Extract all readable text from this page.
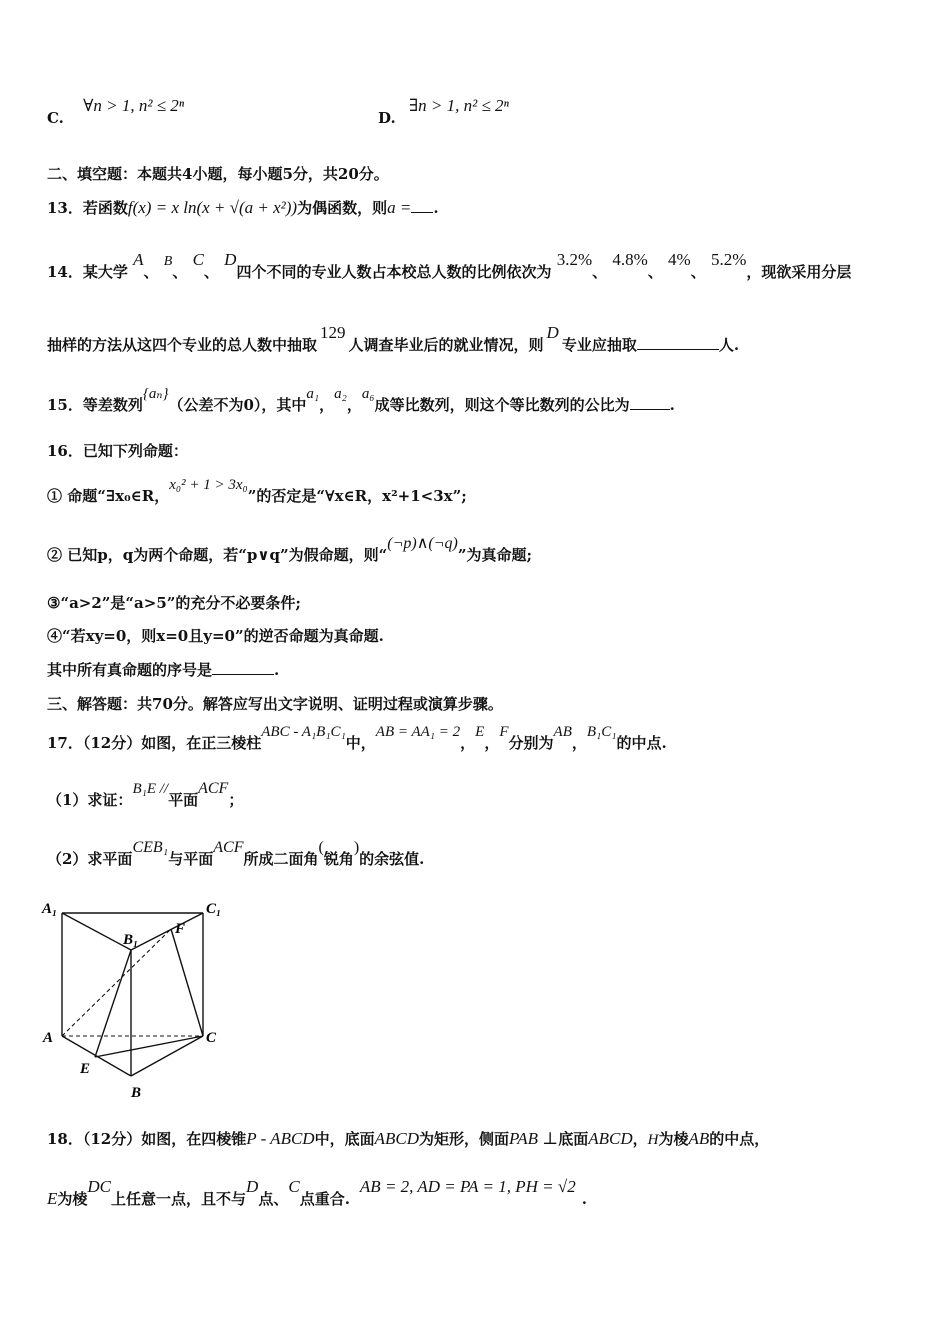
C. ∀n > 1, n² ≤ 2ⁿ
D. ∃n > 1, n² ≤ 2ⁿ
二、填空题：本题共4小题，每小题5分，共20分。
13．若函数f(x) = x ln(x + √(a + x²))为偶函数，则a = .
14．某大学 A、 B、 C、 D四个不同的专业人数占本校总人数的比例依次为 3.2%、 4.8%、 4%、 5.2%，现欲采用分层
抽样的方法从这四个专业的总人数中抽取129人调查毕业后的就业情况，则D专业应抽取	人.
15．等差数列{aₙ}（公差不为0），其中a₁，a₂，a₆成等比数列，则这个等比数列的公比为	.
16．已知下列命题：
① 命题“∃x₀∈R，x₀² + 1 > 3x₀”的否定是“∀x∈R，x²+1<3x”;
② 已知p，q为两个命题，若“p∨q”为假命题，则“(¬p)∧(¬q)”为真命题;
③“a>2”是“a>5”的充分不必要条件;
④“若xy=0，则x=0且y=0”的逆否命题为真命题.
其中所有真命题的序号是	.
三、解答题：共70分。解答应写出文字说明、证明过程或演算步骤。
17．（12分）如图，在正三棱柱ABC - A₁B₁C₁中，AB = AA₁ = 2，E，F分别为AB，B₁C₁的中点.
（1）求证：B₁E //平面ACF；
（2）求平面CEB₁与平面ACF所成二面角(锐角)的余弦值.
A₁	C₁
B₁
F
A	C
E
B
18．（12分）如图，在四棱锥P - ABCD中，底面ABCD为矩形，侧面PAB ⊥底面ABCD，H为棱AB的中点，
E为棱DC上任意一点，且不与D点、C点重合.AB = 2, AD = PA = 1, PH = √2.
